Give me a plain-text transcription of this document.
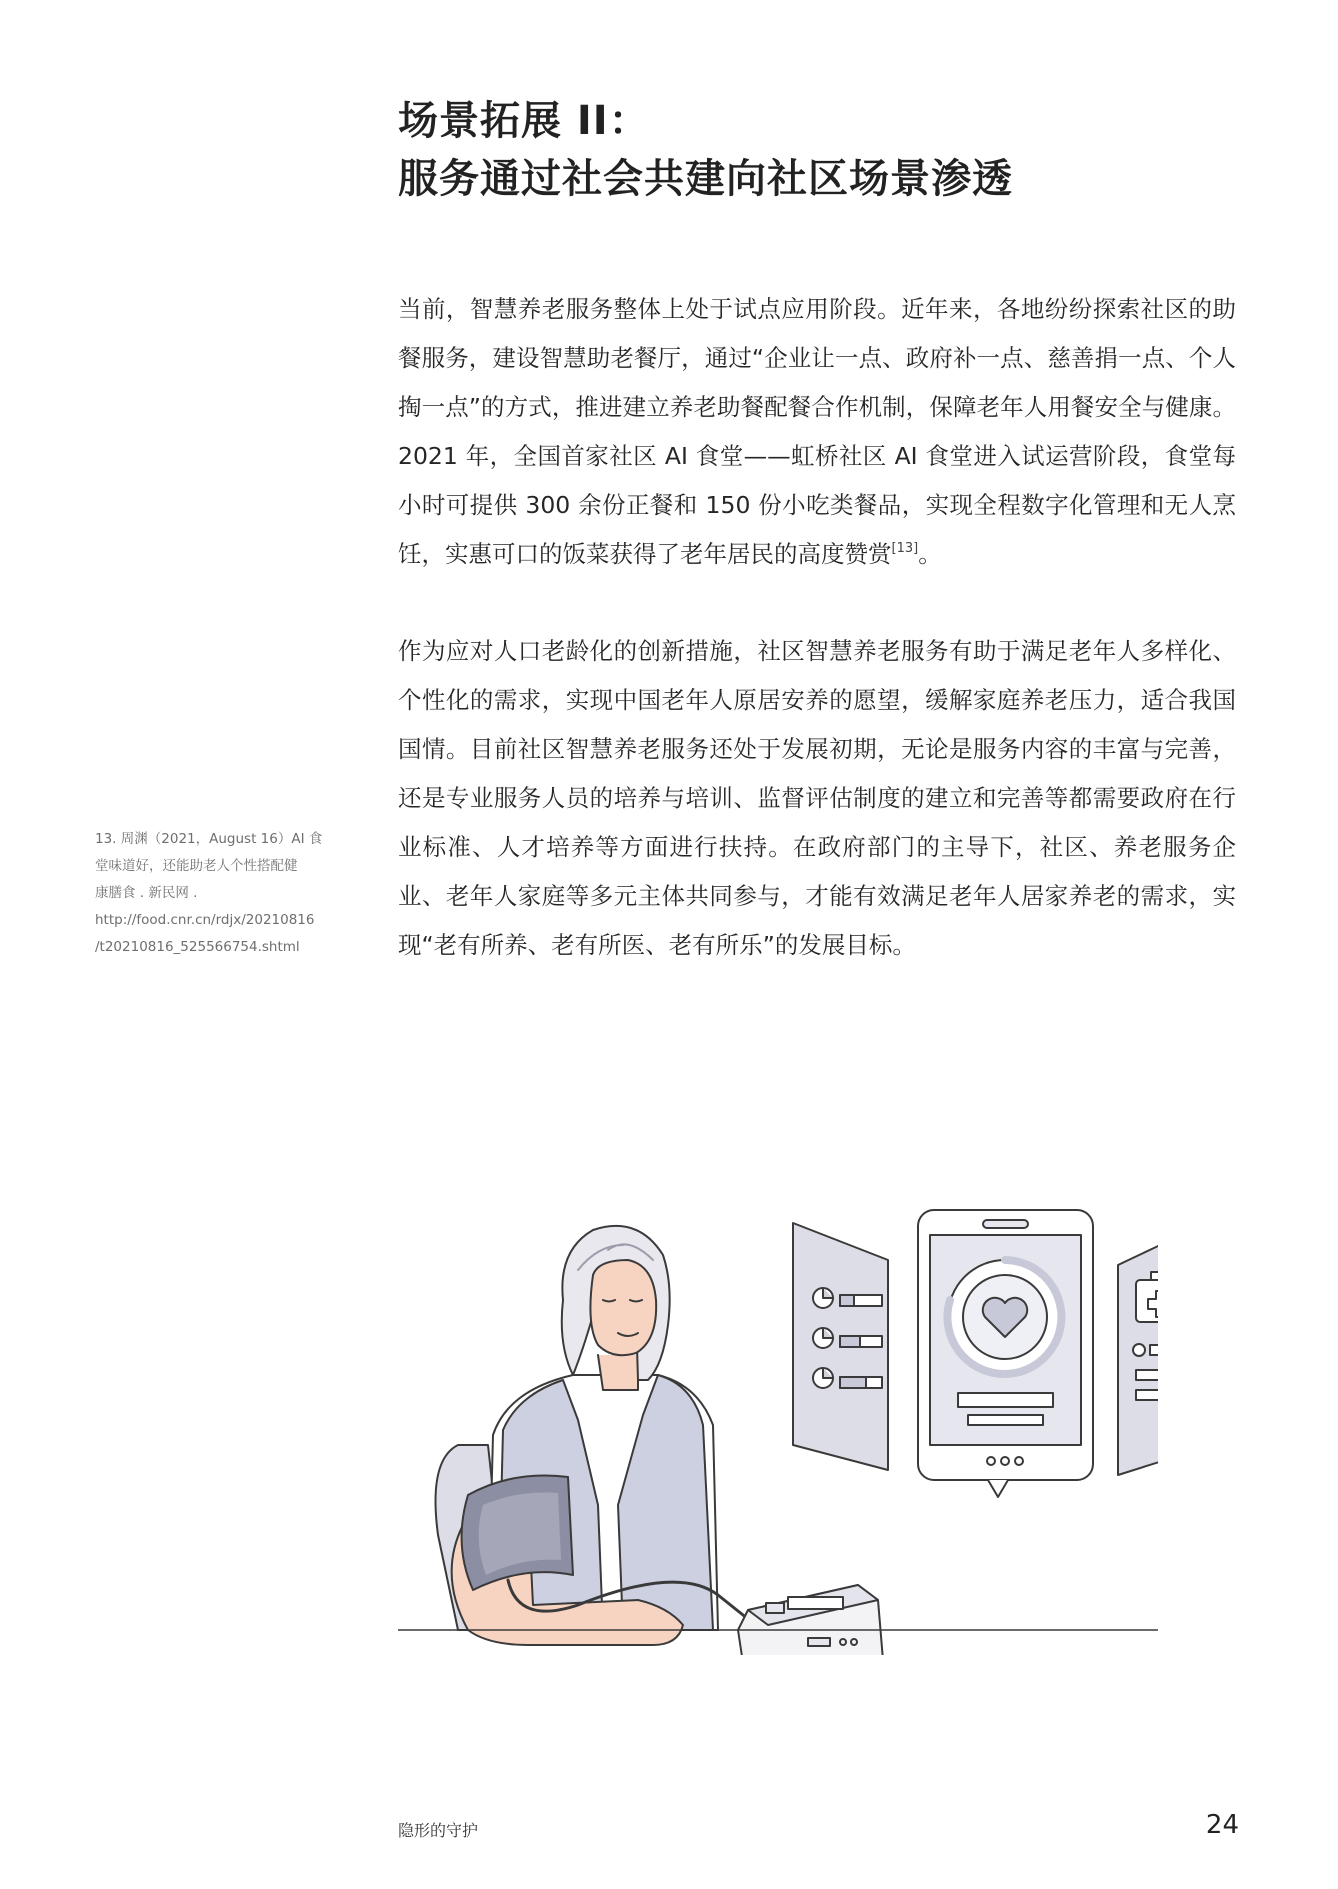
场景拓展 II：
服务通过社会共建向社区场景渗透

当前，智慧养老服务整体上处于试点应用阶段。近年来，各地纷纷探索社区的助餐服务，建设智慧助老餐厅，通过“企业让一点、政府补一点、慈善捐一点、个人掏一点”的方式，推进建立养老助餐配餐合作机制，保障老年人用餐安全与健康。2021 年，全国首家社区 AI 食堂——虹桥社区 AI 食堂进入试运营阶段，食堂每小时可提供 300 余份正餐和 150 份小吃类餐品，实现全程数字化管理和无人烹饪，实惠可口的饭菜获得了老年居民的高度赞赏[13]。

作为应对人口老龄化的创新措施，社区智慧养老服务有助于满足老年人多样化、个性化的需求，实现中国老年人原居安养的愿望，缓解家庭养老压力，适合我国国情。目前社区智慧养老服务还处于发展初期，无论是服务内容的丰富与完善，还是专业服务人员的培养与培训、监督评估制度的建立和完善等都需要政府在行业标准、人才培养等方面进行扶持。在政府部门的主导下，社区、养老服务企业、老年人家庭等多元主体共同参与，才能有效满足老年人居家养老的需求，实现“老有所养、老有所医、老有所乐”的发展目标。

13. 周渊（2021，August 16）AI 食
堂味道好，还能助老人个性搭配健
康膳食 . 新民网 .
http://food.cnr.cn/rdjx/20210816
/t20210816_525566754.shtml
隐形的守护	24
